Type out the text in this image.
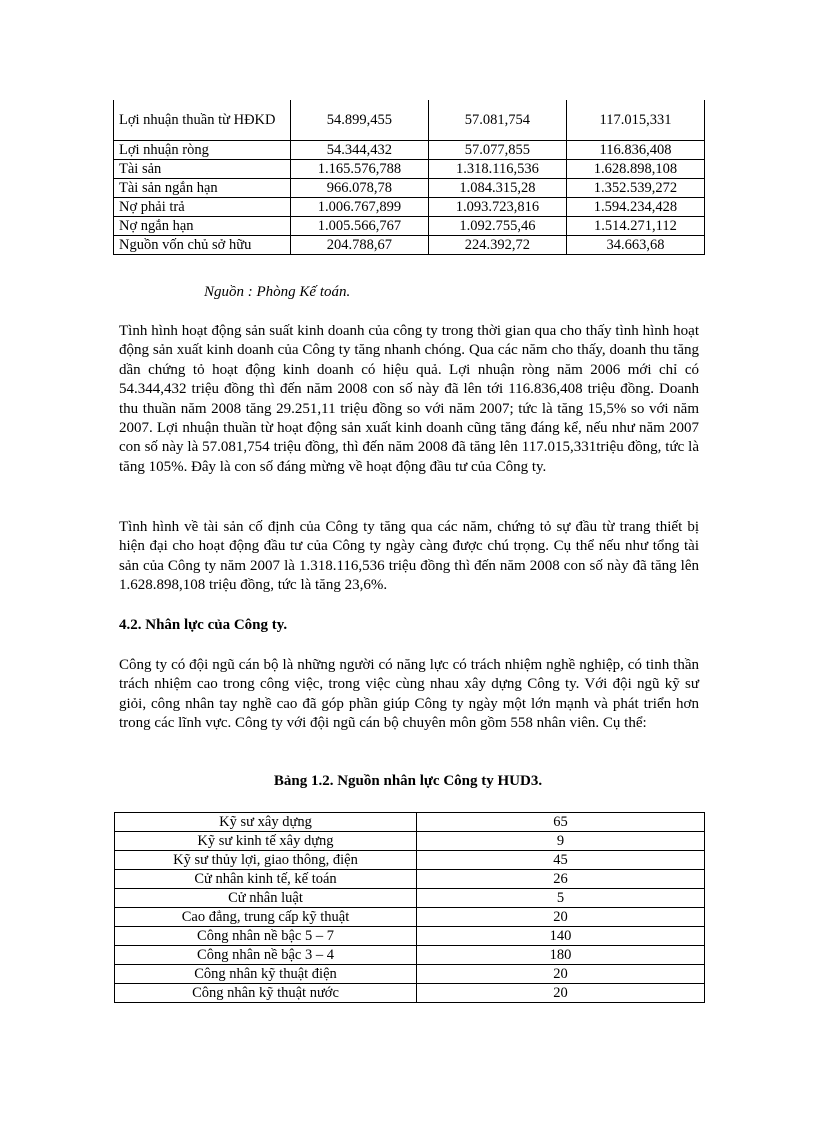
Lợi nhuận thuần từ HĐKD	54.899,455	57.081,754	117.015,331
Lợi nhuận ròng	54.344,432	57.077,855	116.836,408
Tài sản	1.165.576,788	1.318.116,536	1.628.898,108
Tài sản ngắn hạn	966.078,78	1.084.315,28	1.352.539,272
Nợ phải trả	1.006.767,899	1.093.723,816	1.594.234,428
Nợ ngắn hạn	1.005.566,767	1.092.755,46	1.514.271,112
Nguồn vốn chủ sở hữu	204.788,67	224.392,72	34.663,68
Nguồn : Phòng Kế toán.

Tình hình hoạt động sản suất kinh doanh của công ty trong thời gian qua cho thấy tình hình hoạt động sản xuất kinh doanh của Công ty tăng nhanh chóng. Qua các năm cho thấy, doanh thu tăng dần chứng tỏ hoạt động kinh doanh có hiệu quả. Lợi nhuận ròng năm 2006 mới chỉ có 54.344,432 triệu đồng thì đến năm 2008 con số này đã lên tới 116.836,408 triệu đồng. Doanh thu thuần năm 2008 tăng 29.251,11 triệu đồng so với năm 2007; tức là tăng 15,5% so với năm 2007. Lợi nhuận thuần từ hoạt động sản xuất kinh doanh cũng tăng đáng kể, nếu như năm 2007 con số này là 57.081,754 triệu đồng, thì đến năm 2008 đã tăng lên 117.015,331triệu đồng, tức là tăng 105%. Đây là con số đáng mừng về hoạt động đầu tư của Công ty.

Tình hình về tài sản cố định của Công ty tăng qua các năm, chứng tỏ sự đầu từ trang thiết bị hiện đại cho hoạt động đầu tư của Công ty ngày càng được chú trọng. Cụ thể nếu như tổng tài sản của Công ty năm 2007 là 1.318.116,536 triệu đồng thì đến năm 2008 con số này đã tăng lên 1.628.898,108 triệu đồng, tức là tăng 23,6%.

4.2. Nhân lực của Công ty.

Công ty có đội ngũ cán bộ là những người có năng lực có trách nhiệm nghề nghiệp, có tinh thần trách nhiệm cao trong công việc, trong việc cùng nhau xây dựng Công ty. Với đội ngũ kỹ sư giỏi, công nhân tay nghề cao đã góp phần giúp Công ty ngày một lớn mạnh và phát triển hơn trong các lĩnh vực. Công ty với đội ngũ cán bộ chuyên môn gồm 558 nhân viên. Cụ thể:

Bảng 1.2. Nguồn nhân lực Công ty HUD3.
Kỹ sư xây dựng	65
Kỹ sư kinh tế xây dựng	9
Kỹ sư thủy lợi, giao thông, điện	45
Cử nhân kinh tế, kế toán	26
Cử nhân luật	5
Cao đẳng, trung cấp kỹ thuật	20
Công nhân nề bậc 5 – 7	140
Công nhân nề bậc 3 – 4	180
Công nhân kỹ thuật điện	20
Công nhân kỹ thuật nước	20
